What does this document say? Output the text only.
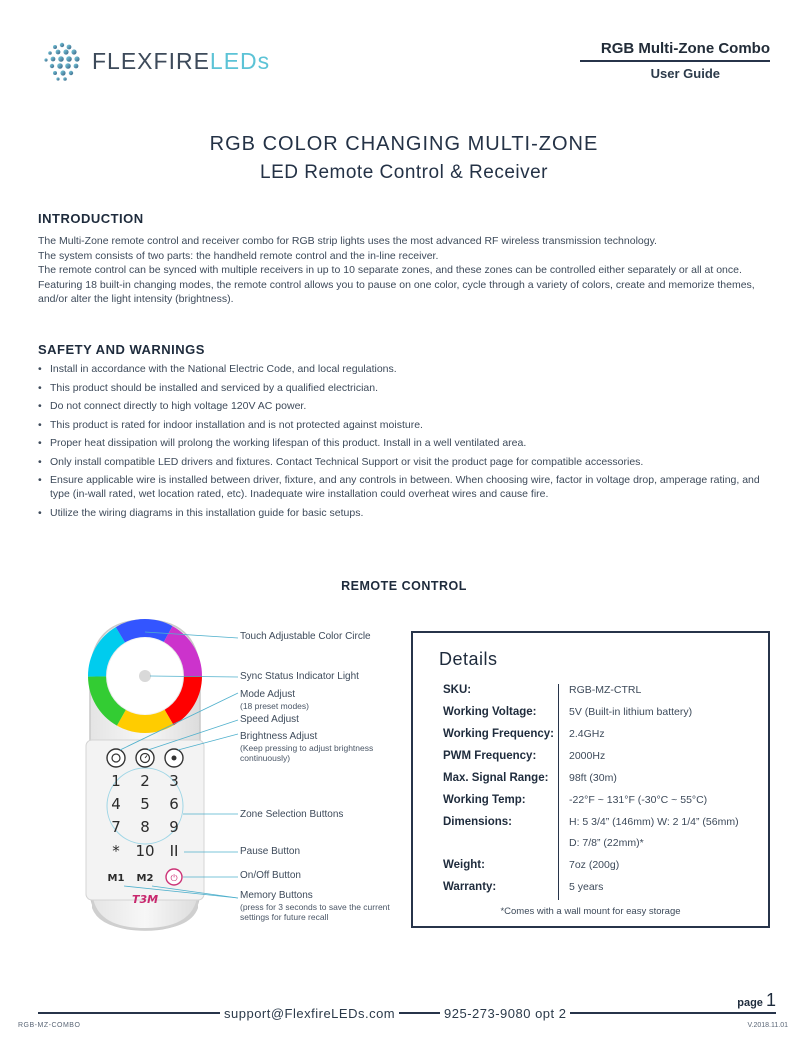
FLEXFIRELEDs	RGB Multi-Zone Combo
User Guide
RGB COLOR CHANGING MULTI-ZONE
LED Remote Control & Receiver
INTRODUCTION
The Multi-Zone remote control and receiver combo for RGB strip lights uses the most advanced RF wireless transmission technology.
The system consists of two parts: the handheld remote control and the in-line receiver.
The remote control can be synced with multiple receivers in up to 10 separate zones, and these zones can be controlled either separately or all at once. Featuring 18 built-in changing modes, the remote control allows you to pause on one color, cycle through a variety of colors, create and memorize themes, and/or alter the light intensity (brightness).
SAFETY AND WARNINGS
• Install in accordance with the National Electric Code, and local regulations.
• This product should be installed and serviced by a qualified electrician.
• Do not connect directly to high voltage 120V AC power.
• This product is rated for indoor installation and is not protected against moisture.
• Proper heat dissipation will prolong the working lifespan of this product. Install in a well ventilated area.
• Only install compatible LED drivers and fixtures. Contact Technical Support or visit the product page for compatible accessories.
• Ensure applicable wire is installed between driver, fixture, and any controls in between. When choosing wire, factor in voltage drop, amperage rating, and type (in-wall rated, wet location rated, etc). Inadequate wire installation could overheat wires and cause fire.
• Utilize the wiring diagrams in this installation guide for basic setups.
REMOTE CONTROL
1 2 3
4 5 6
7 8 9
* 10 II
M1 M2 ⏻
T3M
Touch Adjustable Color Circle
Sync Status Indicator Light
Mode Adjust
(18 preset modes)
Speed Adjust
Brightness Adjust
(Keep pressing to adjust brightness continuously)
Zone Selection Buttons
Pause Button
On/Off Button
Memory Buttons
(press for 3 seconds to save the current settings for future recall
Details
SKU:	RGB-MZ-CTRL
Working Voltage:	5V (Built-in lithium battery)
Working Frequency: 2.4GHz
PWM Frequency:	2000Hz
Max. Signal Range: 98ft (30m)
Working Temp:	-22°F ~ 131°F (-30°C ~ 55°C)
Dimensions:	H: 5 3/4” (146mm) W: 2 1/4” (56mm)
D: 7/8” (22mm)*
Weight:	7oz (200g)
Warranty:	5 years
*Comes with a wall mount for easy storage
page 1
support@FlexfireLEDs.com	925-273-9080 opt 2
RGB-MZ-COMBO	V.2018.11.01
